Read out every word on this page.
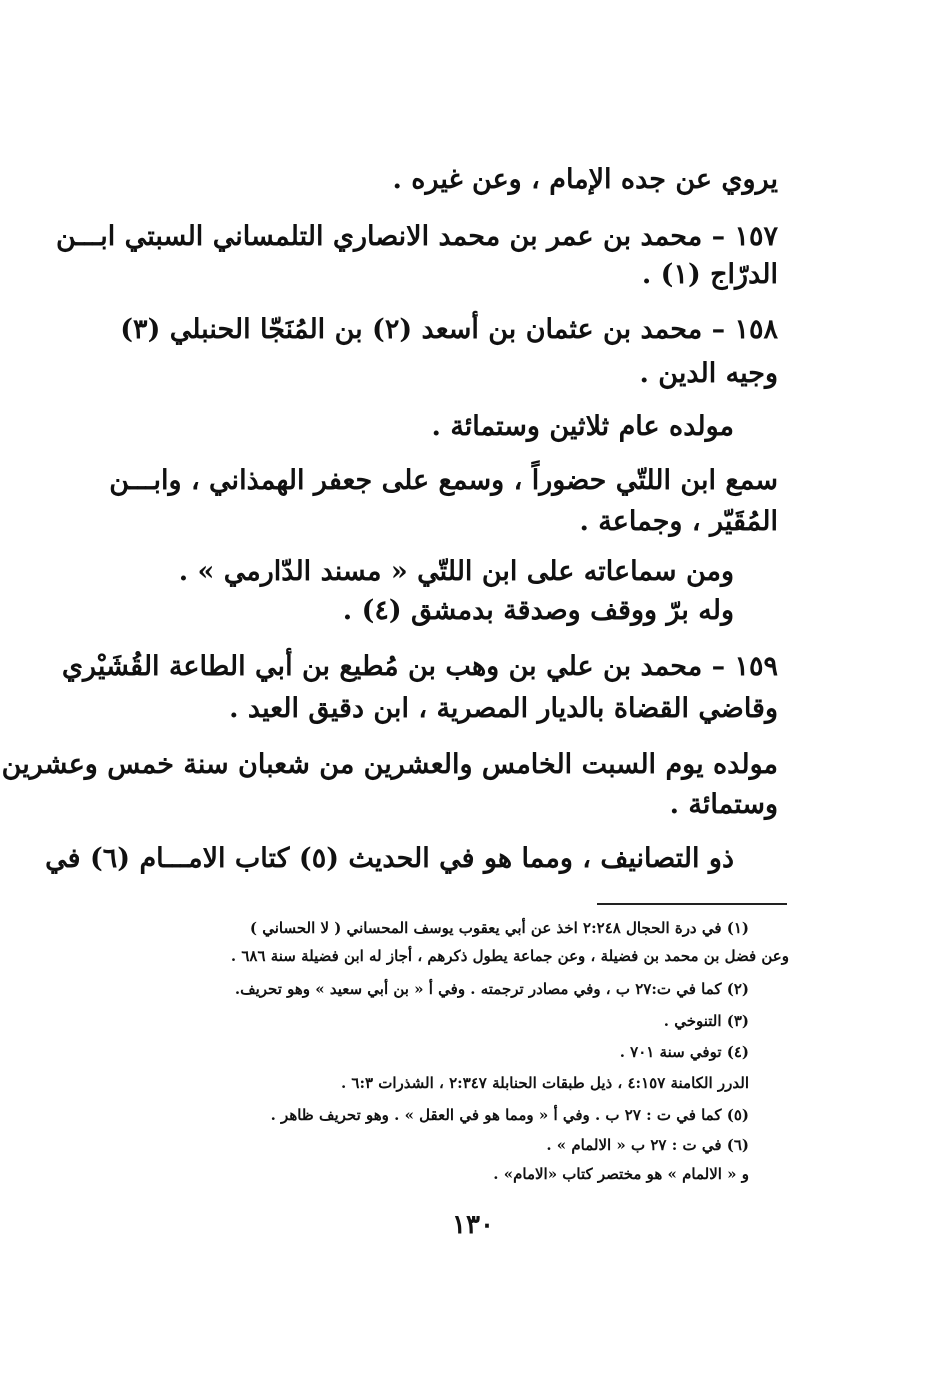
يروي عن جده الإمام ، وعن غيره .
١٥٧ – محمد بن عمر بن محمد الانصاري التلمساني السبتي ابـــن
الدرّاج (١) .
١٥٨ – محمد بن عثمان بن أسعد (٢) بن المُنَجّا الحنبلي (٣)
وجيه الدين .
مولده عام ثلاثين وستمائة .
سمع ابن اللتّي حضوراً ، وسمع على جعفر الهمذاني ، وابـــن
المُقَيّر ، وجماعة .
ومن سماعاته على ابن اللتّي « مسند الدّارمي » .
وله برّ ووقف وصدقة بدمشق (٤) .
١٥٩ – محمد بن علي بن وهب بن مُطيع بن أبي الطاعة القُشَيْري
وقاضي القضاة بالديار المصرية ، ابن دقيق العيد .
مولده يوم السبت الخامس والعشرين من شعبان سنة خمس وعشرين
وستمائة .
ذو التصانيف ، ومما هو في الحديث (٥) كتاب الامـــام (٦) في
(١) في درة الحجال ٢:٢٤٨ اخذ عن أبي يعقوب يوسف المحساني ( لا الحساني )
وعن فضل بن محمد بن فضيلة ، وعن جماعة يطول ذكرهم ، أجاز له ابن فضيلة سنة ٦٨٦ .
(٢) كما في ت:٢٧ ب ، وفي مصادر ترجمته . وفي أ « بن أبي سعيد » وهو تحريف.
(٣) التنوخي .
(٤) توفي سنة ٧٠١ .
الدرر الكامنة ٤:١٥٧ ، ذيل طبقات الحنابلة ٢:٣٤٧ ، الشذرات ٦:٣ .
(٥) كما في ت : ٢٧ ب . وفي أ « ومما هو في العقل » . وهو تحريف ظاهر .
(٦) في ت : ٢٧ ب « الالمام » .
و « الالمام » هو مختصر كتاب «الامام» .
١٣٠
